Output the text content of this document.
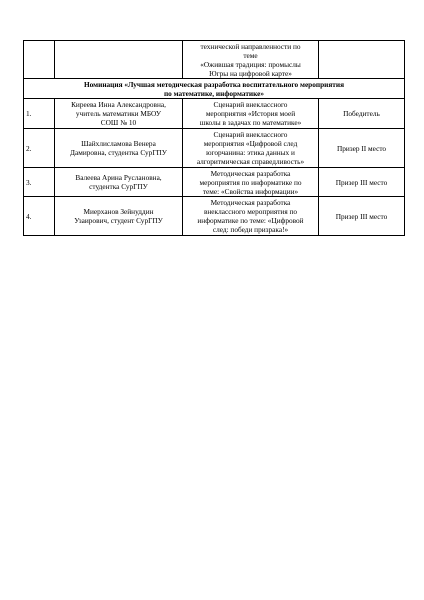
		технической направленности по
теме
«Ожившая традиция: промыслы
Югры на цифровой карте»	

Номинация «Лучшая методическая разработка воспитательного мероприятия
по математике, информатике»			

1.	Киреева Инна Александровна,
учитель математики МБОУ
СОШ № 10	Сценарий внеклассного
мероприятия «История моей
школы в задачах по математике»	Победитель
2.	Шайхлисламова Венера
Дамировна, студентка СурГПУ	Сценарий внеклассного
мероприятия «Цифровой след
югорчанина: этика данных и
алгоритмическая справедливость»	Призер II место
3.	Валеева Арина Руслановна,
студентка СурГПУ	Методическая разработка
мероприятия по информатике по
теме: «Свойства информации»	Призер III место
4.	Миерханов Зейнуддин
Узаирович, студент СурГПУ	Методическая разработка
внеклассного мероприятия по
информатике по теме: «Цифровой
след: победи призрака!»	Призер III место
